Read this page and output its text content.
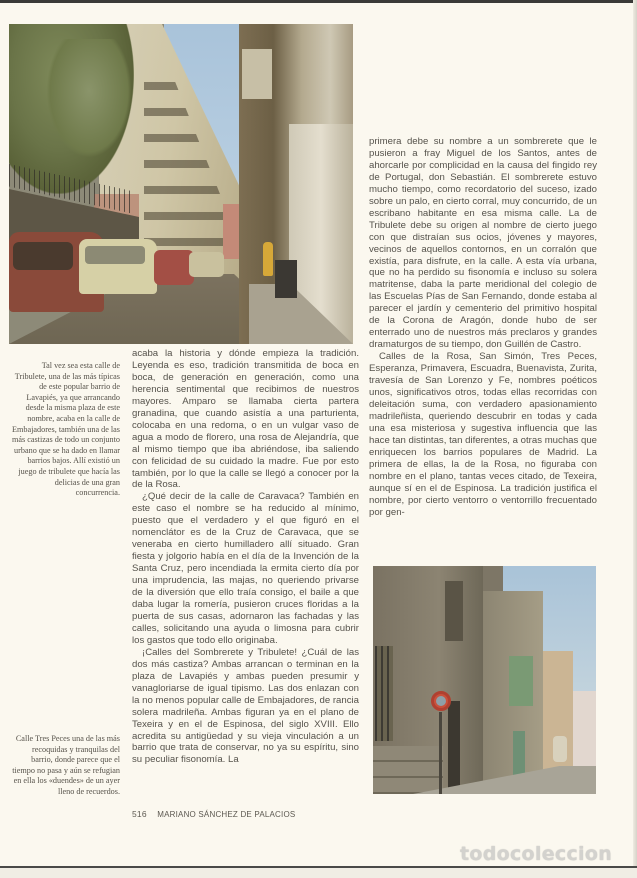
Tal vez sea esta calle de Tribulete, una de las más típicas de este popular barrio de Lavapiés, ya que arrancando desde la misma plaza de este nombre, acaba en la calle de Embajadores, también una de las más castizas de todo un conjunto urbano que se ha dado en llamar barrios bajos. Allí existió un juego de tribulete que hacía las delicias de una gran concurrencia.

acaba la historia y dónde empieza la tradición. Leyenda es eso, tradición transmitida de boca en boca, de generación en generación, como una herencia sentimental que recibimos de nuestros mayores. Amparo se llamaba cierta partera granadina, que cuando asistía a una parturienta, colocaba en una redoma, o en un vulgar vaso de agua a modo de florero, una rosa de Alejandría, que al mismo tiempo que iba abriéndose, iba saliendo con felicidad de su cuidado la madre. Fue por esto también, por lo que la calle se llegó a conocer por la de la Rosa.

¿Qué decir de la calle de Caravaca? También en este caso el nombre se ha reducido al mínimo, puesto que el verdadero y el que figuró en el nomenclátor es de la Cruz de Caravaca, que se veneraba en cierto humilladero allí situado. Gran fiesta y jolgorio había en el día de la Invención de la Santa Cruz, pero incendiada la ermita cierto día por una imprudencia, las majas, no queriendo privarse de la diversión que ello traía consigo, el baile a que daba lugar la romería, pusieron cruces floridas a la puerta de sus casas, adornaron las fachadas y las calles, solicitando una ayuda o limosna para cubrir los gastos que todo ello originaba.

¡Calles del Sombrerete y Tribulete! ¿Cuál de las dos más castiza? Ambas arrancan o terminan en la plaza de Lavapiés y ambas pueden presumir y vanagloriarse de igual tipismo. Las dos enlazan con la no menos popular calle de Embajadores, de rancia solera madrileña. Ambas figuran ya en el plano de Texeira y en el de Espinosa, del siglo XVIII. Ello acredita su antigüedad y su vieja vinculación a un barrio que trata de conservar, no ya su espíritu, sino su peculiar fisonomía. La

primera debe su nombre a un sombrerete que le pusieron a fray Miguel de los Santos, antes de ahorcarle por complicidad en la causa del fingido rey de Portugal, don Sebastián. El sombrerete estuvo mucho tiempo, como recordatorio del suceso, izado sobre un palo, en cierto corral, muy concurrido, de un escribano habitante en esa misma calle. La de Tribulete debe su origen al nombre de cierto juego con que distraían sus ocios, jóvenes y mayores, vecinos de aquellos contornos, en un corralón que existía, para disfrute, en la calle. A esta vía urbana, que no ha perdido su fisonomía e incluso su solera matritense, daba la parte meridional del colegio de las Escuelas Pías de San Fernando, donde estaba al parecer el jardín y cementerio del primitivo hospital de la Corona de Aragón, donde hubo de ser enterrado uno de nuestros más preclaros y grandes dramaturgos de su tiempo, don Guillén de Castro.

Calles de la Rosa, San Simón, Tres Peces, Esperanza, Primavera, Escuadra, Buenavista, Zurita, travesía de San Lorenzo y Fe, nombres poéticos unos, significativos otros, todas ellas recorridas con deleitación suma, con verdadero apasionamiento madrileñista, queriendo descubrir en todas y cada una esa misteriosa y sugestiva influencia que las hace tan distintas, tan diferentes, a otras muchas que enriquecen los barrios populares de Madrid. La primera de ellas, la de la Rosa, no figuraba con nombre en el plano, tantas veces citado, de Texeira, aunque sí en el de Espinosa. La tradición justifica el nombre, por cierto ventorro o ventorrillo frecuentado por gen-

Calle Tres Peces una de las más recoquidas y tranquilas del barrio, donde parece que el tiempo no pasa y aún se refugian en ella los «duendes» de un ayer lleno de recuerdos.

516 MARIANO SÁNCHEZ DE PALACIOS
todocoleccion
